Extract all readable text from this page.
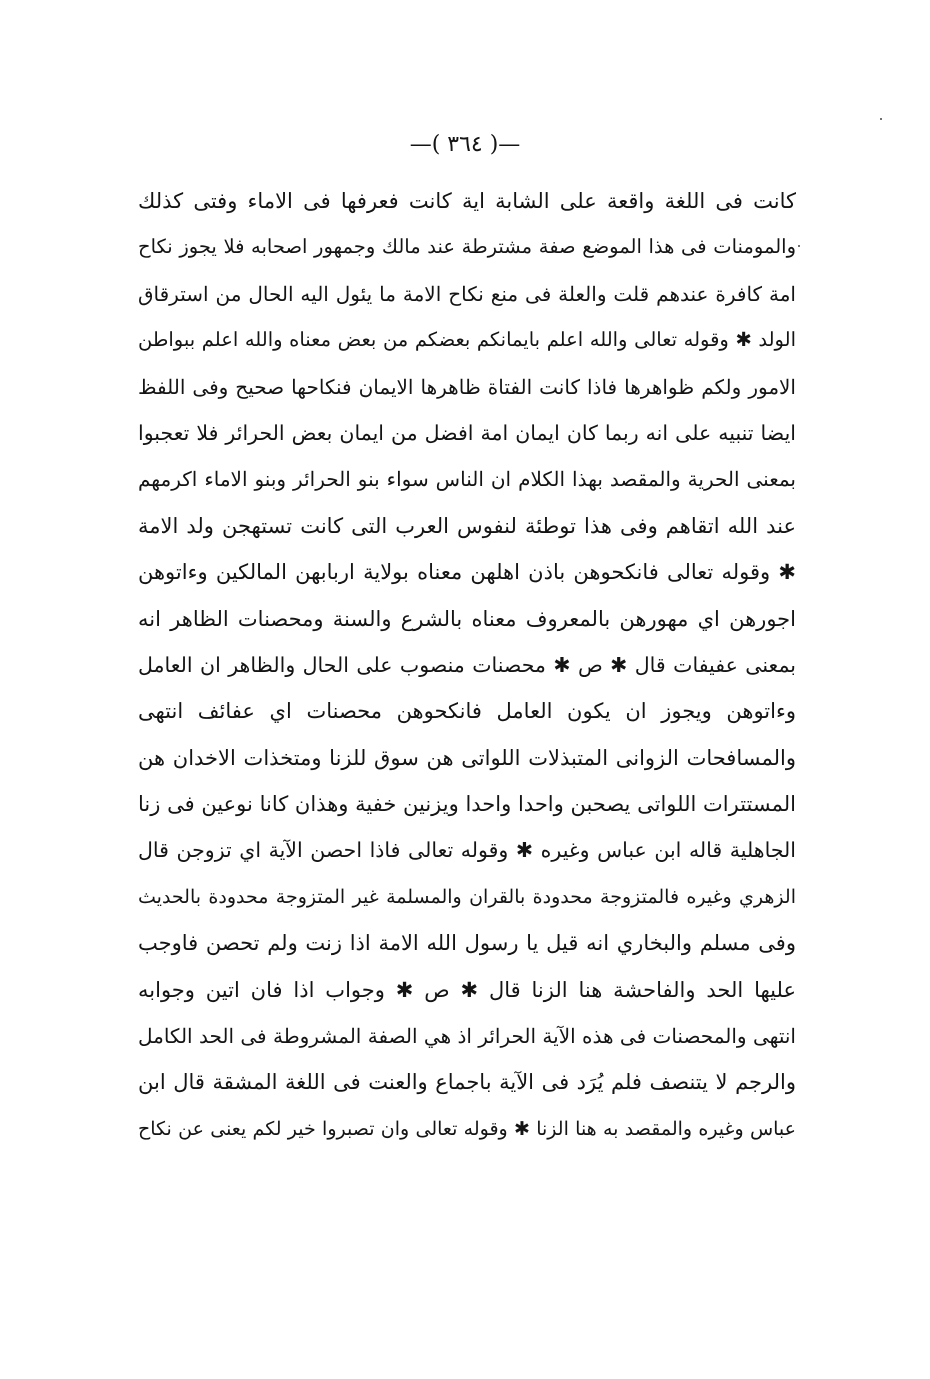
—( ٣٦٤ )—
كانت فى اللغة واقعة على الشابة اية كانت فعرفها فى الاماء وفتى كذلك
والمومنات فى هذا الموضع صفة مشترطة عند مالك وجمهور اصحابه فلا يجوز نكاح
امة كافرة عندهم قلت والعلة فى منع نكاح الامة ما يئول اليه الحال من استرقاق
الولد ✱ وقوله تعالى والله اعلم بايمانكم بعضكم من بعض معناه والله اعلم ببواطن
الامور ولكم ظواهرها فاذا كانت الفتاة ظاهرها الايمان فنكاحها صحيح وفى اللفظ
ايضا تنبيه على انه ربما كان ايمان امة افضل من ايمان بعض الحرائر فلا تعجبوا
بمعنى الحرية والمقصد بهذا الكلام ان الناس سواء بنو الحرائر وبنو الاماء اكرمهم
عند الله اتقاهم وفى هذا توطئة لنفوس العرب التى كانت تستهجن ولد الامة
✱ وقوله تعالى فانكحوهن باذن اهلهن معناه بولاية اربابهن المالكين وءاتوهن
اجورهن اي مهورهن بالمعروف معناه بالشرع والسنة ومحصنات الظاهر انه
بمعنى عفيفات قال ✱ ص ✱ محصنات منصوب على الحال والظاهر ان العامل
وءاتوهن ويجوز ان يكون العامل فانكحوهن محصنات اي عفائف انتهى
والمسافحات الزوانى المتبذلات اللواتى هن سوق للزنا ومتخذات الاخدان هن
المستترات اللواتى يصحبن واحدا واحدا ويزنين خفية وهذان كانا نوعين فى زنا
الجاهلية قاله ابن عباس وغيره ✱ وقوله تعالى فاذا احصن الآية اي تزوجن قال
الزهري وغيره فالمتزوجة محدودة بالقران والمسلمة غير المتزوجة محدودة بالحديث
وفى مسلم والبخاري انه قيل يا رسول الله الامة اذا زنت ولم تحصن فاوجب
عليها الحد والفاحشة هنا الزنا قال ✱ ص ✱ وجواب اذا فان اتين وجوابه
انتهى والمحصنات فى هذه الآية الحرائر اذ هي الصفة المشروطة فى الحد الكامل
والرجم لا يتنصف فلم يُرَد فى الآية باجماع والعنت فى اللغة المشقة قال ابن
عباس وغيره والمقصد به هنا الزنا ✱ وقوله تعالى وان تصبروا خير لكم يعنى عن نكاح
